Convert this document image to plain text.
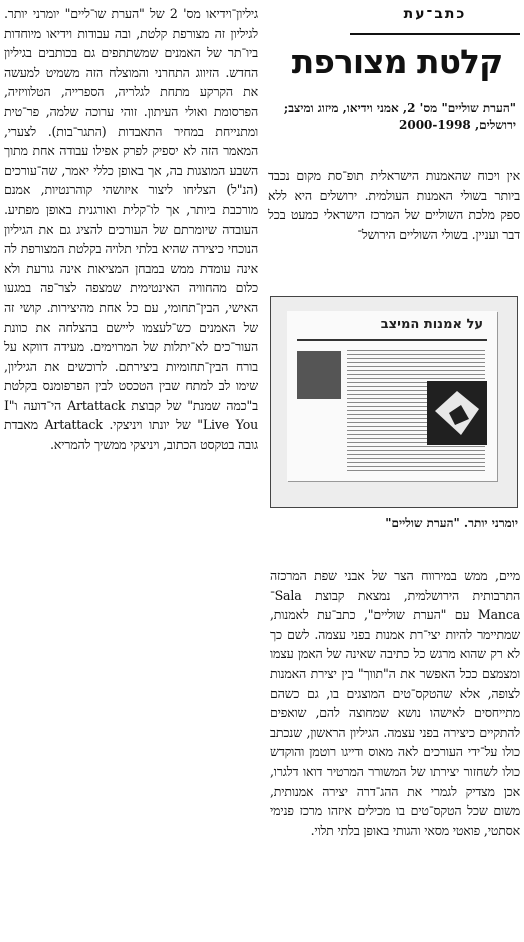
כתב־עת
קלטת מצורפת
"הערת שוליים" מס' 2, אמני וידיאו, מיזוג ומיצב; ירושלים, 2000-1998
אין ויכוח שהאמנות הישראלית תופ־סת מקום נכבד ביותר בשולי האמנות העולמית. ירושלים היא ללא ספק מלכת השוליים של המרכז הישראלי כמעט בכל דבר ועניין. בשולי השוליים הירושל־
על אמנות המיצב
יומרני יותר. "הערת שוליים"
מיים, ממש במירווח הצר של אבני שפת המרכזה התרבותית הירושלמית, נמצאת קבוצת Sala־Manca עם "הערת שוליים", כתב־עת לאמנות, שמתיימר להיות יצי־רת אמנות בפני עצמה. לשם כך לא רק שהוא מרגש כל כתיבה שאינה של האמן עצמו ומצמצם ככל האפשר את ה"תווך" בין יצירת האמנות לצופה, אלא שהטקס־טים המוצגים בו, גם כשהם מתייחסים לאישהו נושא שמחוצה להם, שואפים להתקיים כיצירה בפני עצמה. הגיליון הראשון, שנכתב כולו על־ידי העורכים לאה מאוס ודייגו רוטמן והוקדש כולו לשחזור יצירתו של המשורר המרטיר דואו דלגרו, אכן מצדיק לגמרי את ההג־דרה יצירה אמנותית, משום שכל הטקס־טים בו מכילים איזהו מרכז פנימי אסתטי, פואטי מסאי והגותי באופן בלתי תלוי.
גיליון־וידיאו מס' 2 של "הערת שו־ליים" יומרני יותר. לגיליון זה מצורפת קלטת, ובה עבודות וידיאו מיוחדות ביו־תר של האמנים שמשתתפים גם בכותבים בגיליון החדש. הזיווג התחרני והמוצלח הזה משמיט למעשה את הקרקע מתחת לגלריה, הספרייה, הטלוויזיה, הפרסומת ואולי העיתון. זוהי ערוכה שלמה, פר־טית ומתנייחת במחיר התאבדות (התגר־בות). לצערי, המאמר הזה לא יספיק לפרק אפילו עבודה אחת מתוך השבע המוצגות בה, אך באופן כללי יאמר, שה־עורכים (הנ"ל) הצליחו ליצור איזושהי קוהרנטיות, אמנם מורכבת ביותר, אך לו־קלית ואורגנית באופן מפתיע. העובדה שיומרתם של העורכים להציג גם את הגיליון הנוכחי כיצירה שהיא בלתי תלויה בקלטת המצורפת לה אינה עומדת ממש במבחן המציאות אינה גורעת ולא כלום מהחוויה האינטימית שמצפה לצר־פה במגעו האישי, הבין־תחומי, עם כל אחת מהיצירות. קושי זה של האמנים כש־לעצמו ליישם בהצלחה את כוונת העור־כים לא־יתלות של המרוימים. מעידה דווקא על בורח הבין־תחומיות ביצירתם. לרוכשים את הגיליון, שימו לב למתח שבין הטכסט לבין הפרפומנס בקלטת ב"כמה שמנת" של קבוצת Artattack הי־דועה ו"I Live You" של יונתו ויניצקי. Artattack מאבדת גובה בטקסט הכתוב, ויניצקי ממשיך להמריא.
